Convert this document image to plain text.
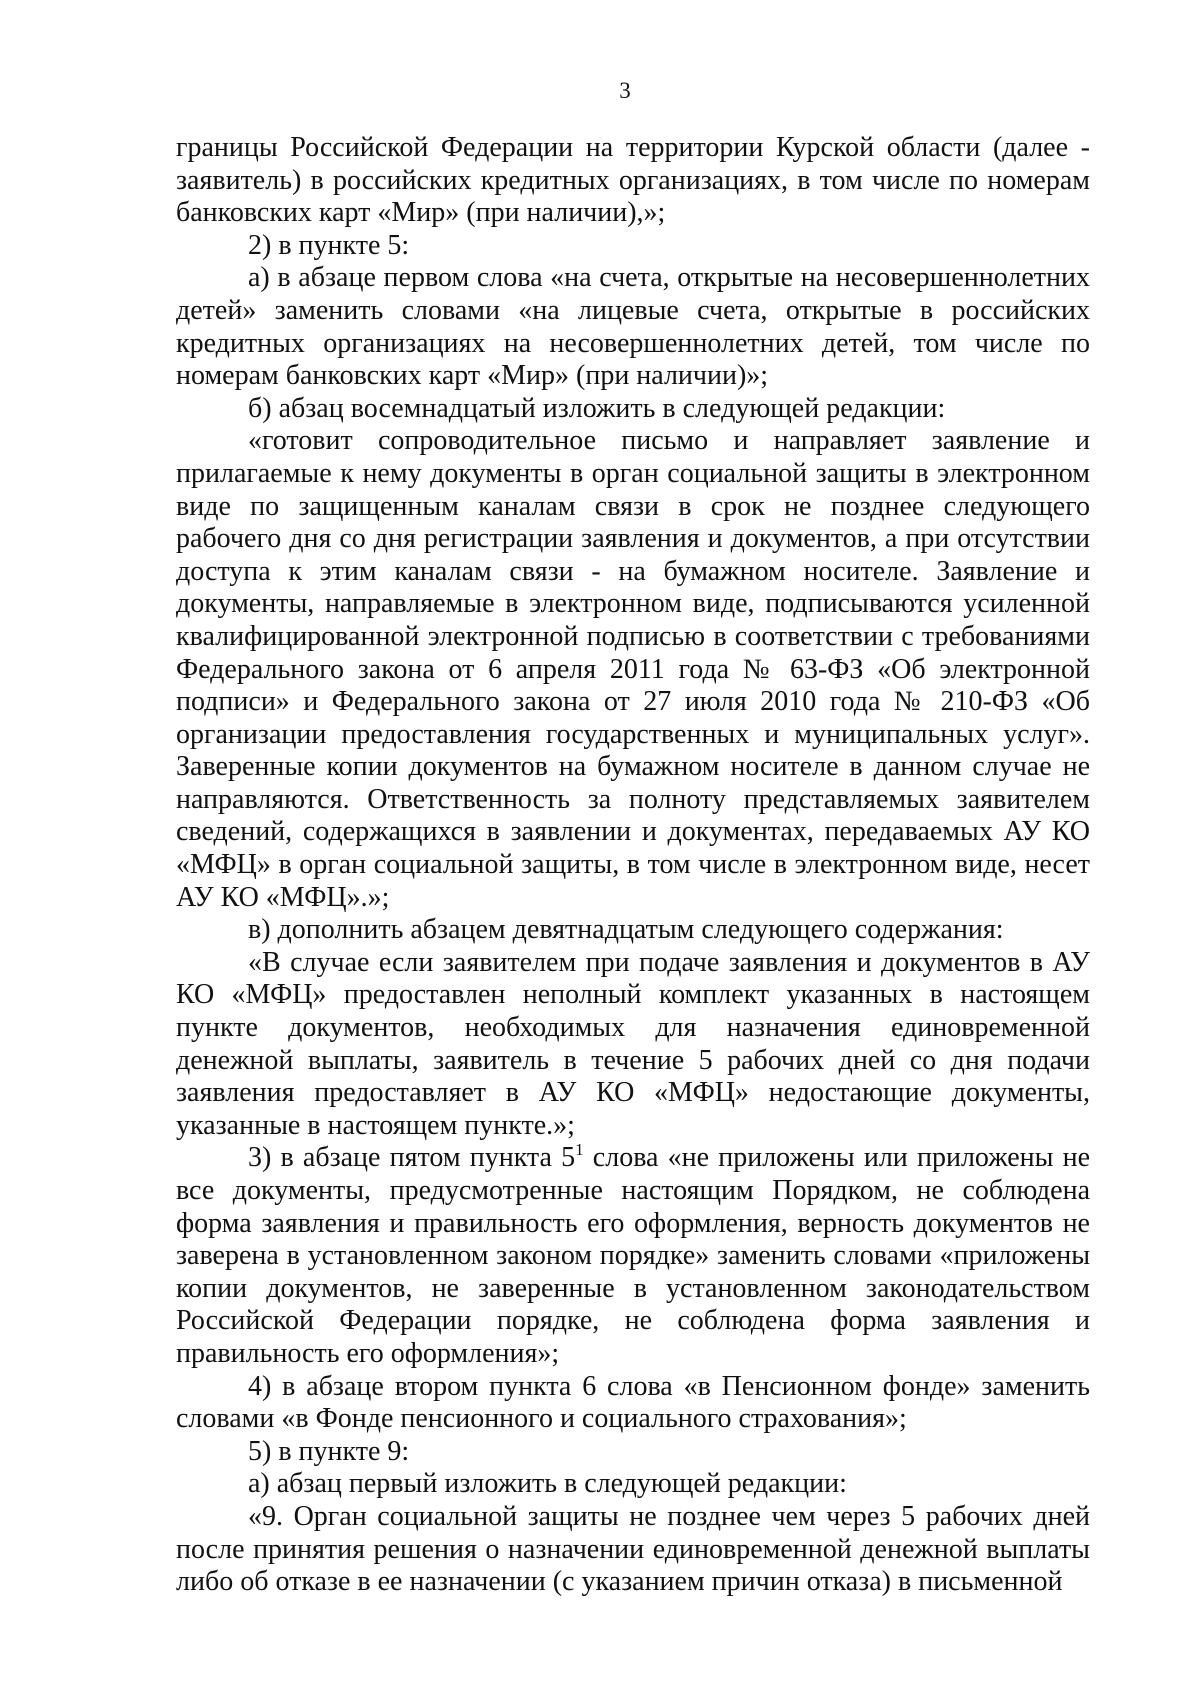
3

границы Российской Федерации на территории Курской области (далее - заявитель) в российских кредитных организациях, в том числе по номерам банковских карт «Мир» (при наличии),»;

2) в пункте 5:

а) в абзаце первом слова «на счета, открытые на несовершеннолетних детей» заменить словами «на лицевые счета, открытые в российских кредитных организациях на несовершеннолетних детей, том числе по номерам банковских карт «Мир» (при наличии)»;

б) абзац восемнадцатый изложить в следующей редакции:

«готовит сопроводительное письмо и направляет заявление и прилагаемые к нему документы в орган социальной защиты в электронном виде по защищенным каналам связи в срок не позднее следующего рабочего дня со дня регистрации заявления и документов, а при отсутствии доступа к этим каналам связи - на бумажном носителе. Заявление и документы, направляемые в электронном виде, подписываются усиленной квалифицированной электронной подписью в соответствии с требованиями Федерального закона от 6 апреля 2011 года № 63-ФЗ «Об электронной подписи» и Федерального закона от 27 июля 2010 года № 210-ФЗ «Об организации предоставления государственных и муниципальных услуг». Заверенные копии документов на бумажном носителе в данном случае не направляются. Ответственность за полноту представляемых заявителем сведений, содержащихся в заявлении и документах, передаваемых АУ КО «МФЦ» в орган социальной защиты, в том числе в электронном виде, несет АУ КО «МФЦ».»;

в) дополнить абзацем девятнадцатым следующего содержания:

«В случае если заявителем при подаче заявления и документов в АУ КО «МФЦ» предоставлен неполный комплект указанных в настоящем пункте документов, необходимых для назначения единовременной денежной выплаты, заявитель в течение 5 рабочих дней со дня подачи заявления предоставляет в АУ КО «МФЦ» недостающие документы, указанные в настоящем пункте.»;

3) в абзаце пятом пункта $5^1$ слова «не приложены или приложены не все документы, предусмотренные настоящим Порядком, не соблюдена форма заявления и правильность его оформления, верность документов не заверена в установленном законом порядке» заменить словами «приложены копии документов, не заверенные в установленном законодательством Российской Федерации порядке, не соблюдена форма заявления и правильность его оформления»;

4) в абзаце втором пункта 6 слова «в Пенсионном фонде» заменить словами «в Фонде пенсионного и социального страхования»;

5) в пункте 9:

а) абзац первый изложить в следующей редакции:

«9. Орган социальной защиты не позднее чем через 5 рабочих дней после принятия решения о назначении единовременной денежной выплаты либо об отказе в ее назначении (с указанием причин отказа) в письменной
